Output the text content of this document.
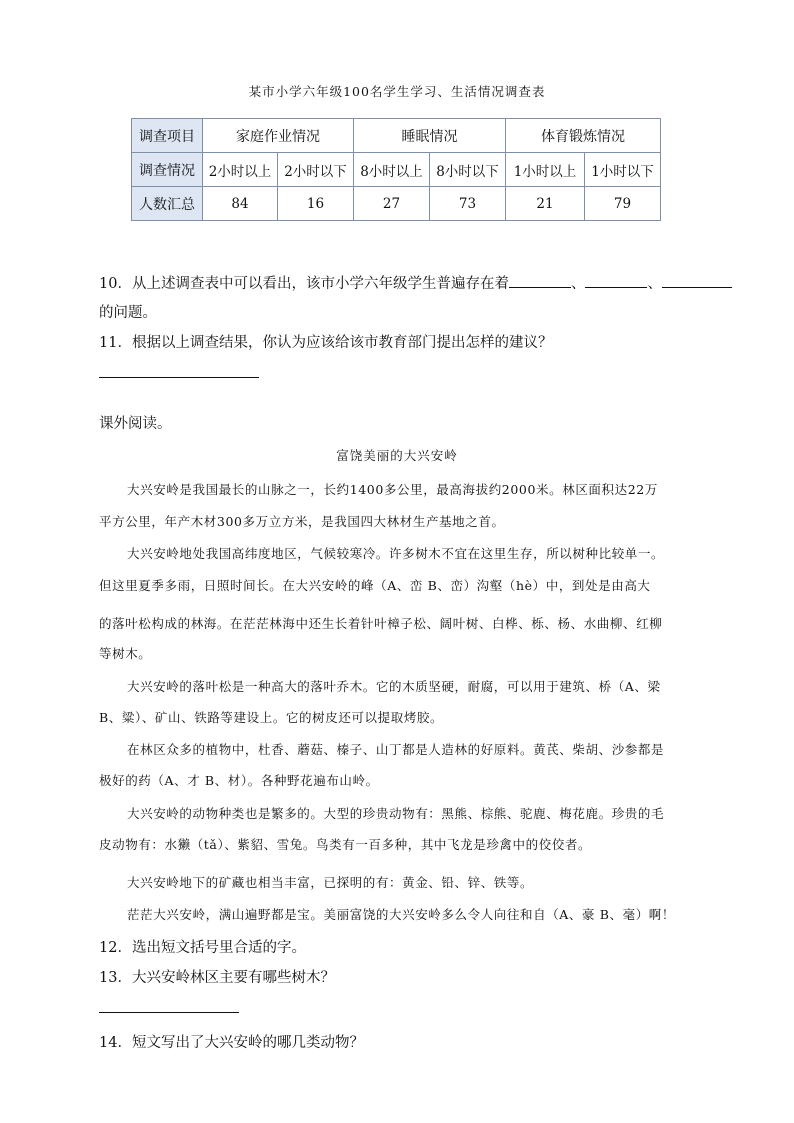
某市小学六年级100名学生学习、生活情况调查表
调查项目	家庭作业情况		睡眠情况		体育锻炼情况	
调查情况	2小时以上	2小时以下	8小时以上	8小时以下	1小时以上	1小时以下
人数汇总	84	16	27	73	21	79
10．从上述调查表中可以看出，该市小学六年级学生普遍存在着	、	、
的问题。
11．根据以上调查结果，你认为应该给该市教育部门提出怎样的建议？
课外阅读。
富饶美丽的大兴安岭
大兴安岭是我国最长的山脉之一，长约1400多公里，最高海拔约2000米。林区面积达22万
平方公里，年产木材300多万立方米，是我国四大林材生产基地之首。
大兴安岭地处我国高纬度地区，气候较寒冷。许多树木不宜在这里生存，所以树种比较单一。
但这里夏季多雨，日照时间长。在大兴安岭的峰（A、峦 B、峦）沟壑（hè）中，到处是由高大
的落叶松构成的林海。在茫茫林海中还生长着针叶樟子松、阔叶树、白桦、栎、杨、水曲柳、红柳
等树木。
大兴安岭的落叶松是一种高大的落叶乔木。它的木质坚硬，耐腐，可以用于建筑、桥（A、梁
B、粱）、矿山、铁路等建设上。它的树皮还可以提取烤胶。
在林区众多的植物中，杜香、蘑菇、榛子、山丁都是人造林的好原料。黄芪、柴胡、沙参都是
极好的药（A、才 B、材）。各种野花遍布山岭。
大兴安岭的动物种类也是繁多的。大型的珍贵动物有：黑熊、棕熊、驼鹿、梅花鹿。珍贵的毛
皮动物有：水獭（tǎ）、紫貂、雪兔。鸟类有一百多种，其中飞龙是珍禽中的佼佼者。
大兴安岭地下的矿藏也相当丰富，已探明的有：黄金、铅、锌、铁等。
茫茫大兴安岭，满山遍野都是宝。美丽富饶的大兴安岭多么令人向往和自（A、豪 B、毫）啊！
12．选出短文括号里合适的字。
13．大兴安岭林区主要有哪些树木？
14．短文写出了大兴安岭的哪几类动物？
